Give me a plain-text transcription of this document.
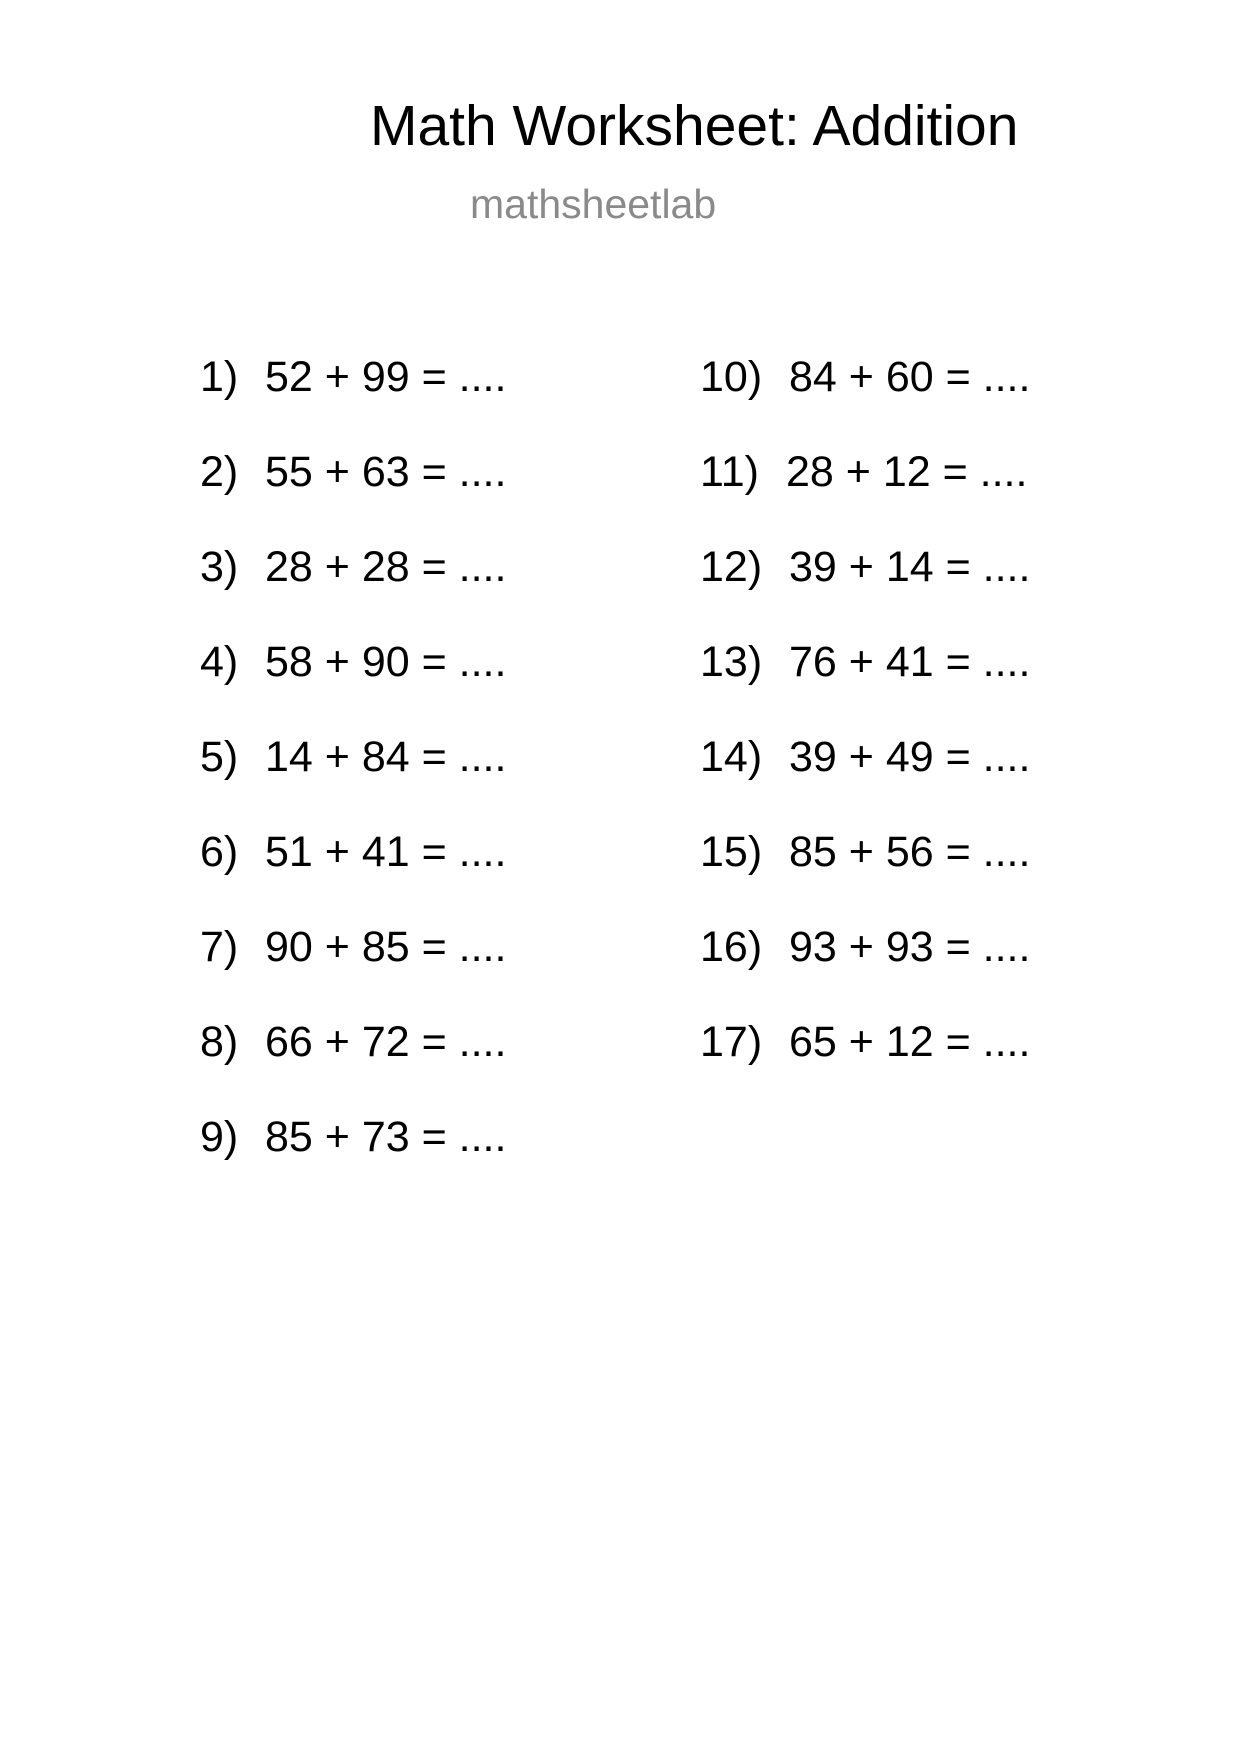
Math Worksheet: Addition
mathsheetlab
1) 52 + 99 = ....
2) 55 + 63 = ....
3) 28 + 28 = ....
4) 58 + 90 = ....
5) 14 + 84 = ....
6) 51 + 41 = ....
7) 90 + 85 = ....
8) 66 + 72 = ....
9) 85 + 73 = ....
10) 84 + 60 = ....
11) 28 + 12 = ....
12) 39 + 14 = ....
13) 76 + 41 = ....
14) 39 + 49 = ....
15) 85 + 56 = ....
16) 93 + 93 = ....
17) 65 + 12 = ....
